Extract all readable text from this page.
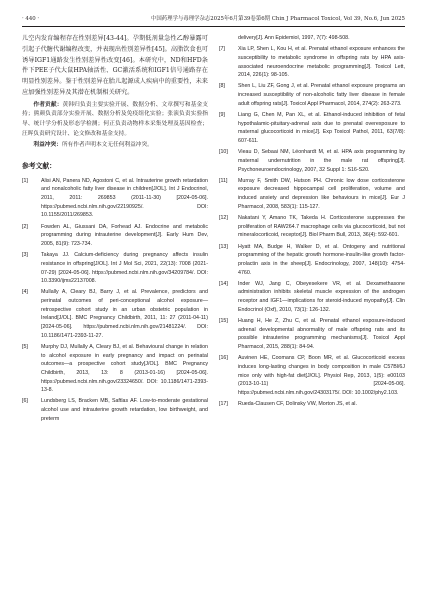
· 440 ·	中国药理学与毒理学杂志2025年6月第39卷第6期 Chin J Pharmacol Toxicol, Vol 39, No.6, Jun 2025

儿空内发育编程存在性别差异[43-44]。孕期低剂量急性乙醇暴露可引起子代糖代谢编程改变，并表现出性别差异性[45]。高脂饮食也可诱导IGF1通路发生性别差异性改变[46]。本研究中，ND和HFD条件下PEE子代大鼠HPA轴活性、GC激活系统和IGF1信号通路存在明显性别差异。鉴于性别差异在胎儿起源成人疾病中的重要性，未来应加强性别差异及其潜在机制相关研究。

作者贡献：黄韩归负责主要实验开展、数据分析、文章撰写和基金支持；熊颜负责部分实验开展、数据分析及免疫组化实验；张演负责实验指导、统计学分析及形态学检测；何正负责动物样本采集处理及基因检查；汪晖负责研究设计、论文修改和基金支持。

利益冲突：所有作者声明本文无任何利益冲突。

参考文献：
[1] Alisi AN, Panera ND, Agostoni C, et al. Intrauterine growth retardation and nonalcoholic fatty liver disease in children[J/OL]. Int J Endocrinol, 2011, 2011: 269853 (2011-11-30) [2024-05-06]. https://pubmed.ncbi.nlm.nih.gov/22190925/. DOI: 10.1155/2011/269853.
[2] Fowden AL, Giussani DA, Forhead AJ. Endocrine and metabolic programming during intrauterine development[J]. Early Hum Dev, 2005, 81(9): 723-734.
[3] Takaya JJ. Calcium-deficiency during pregnancy affects insulin resistance in offspring[J/OL]. Int J Mol Sci, 2021, 22(13): 7008 (2021-07-29) [2024-05-06]. https://pubmed.ncbi.nlm.nih.gov/34209784/. DOI: 10.3390/ijms22137008.
[4] Mullally A, Cleary BJ, Barry J, et al. Prevalence, predictors and perinatal outcomes of peri-conceptional alcohol exposure—retrospective cohort study in an urban obstetric population in Ireland[J/OL]. BMC Pregnancy Childbirth, 2011, 11: 27 (2011-04-11) [2024-05-06]. https://pubmed.ncbi.nlm.nih.gov/21481224/. DOI: 10.1186/1471-2393-11-27.
[5] Murphy DJ, Mullally A, Cleary BJ, et al. Behavioural change in relation to alcohol exposure in early pregnancy and impact on perinatal outcomes—a prospective cohort study[J/OL]. BMC Pregnancy Childbirth, 2013, 13: 8 (2013-01-16) [2024-05-06]. https://pubmed.ncbi.nlm.nih.gov/23324650/. DOI: 10.1186/1471-2393-13-8.
[6] Lundsberg LS, Bracken MB, Saftlas AF. Low-to-moderate gestational alcohol use and intrauterine growth retardation, low birthweight, and preterm
delivery[J]. Ann Epidemiol, 1997, 7(7): 498-508.
[7] Xia LP, Shen L, Kou H, et al. Prenatal ethanol exposure enhances the susceptibility to metabolic syndrome in offspring rats by HPA axis-associated neuroendocrine metabolic programming[J]. Toxicol Lett, 2014, 226(1): 98-105.
[8] Shen L, Liu ZF, Gong J, et al. Prenatal ethanol exposure programs an increased susceptibility of non-alcoholic fatty liver disease in female adult offspring rats[J]. Toxicol Appl Pharmacol, 2014, 274(2): 263-273.
[9] Liang G, Chen M, Pan XL, et al. Ethanol-induced inhibition of fetal hypothalamic-pituitary-adrenal axis due to prenatal overexposure to maternal glucocorticoid in mice[J]. Exp Toxicol Pathol, 2011, 63(7/8): 607-611.
[10] Vieau D, Sebaai NM, Léonhardt M, et al. HPA axis programming by maternal undernutrition in the male rat offspring[J]. Psychoneuroendocrinology, 2007, 32 Suppl 1: S16-S20.
[11] Murray F, Smith DW, Hutson PH. Chronic low dose corticosterone exposure decreased hippocampal cell proliferation, volume and induced anxiety and depression like behaviours in mice[J]. Eur J Pharmacol, 2008, 583(1): 115-127.
[12] Nakatani Y, Amano TK, Takeda H. Corticosterone suppresses the proliferation of RAW264.7 macrophage cells via glucocorticoid, but not mineralocorticoid, receptor[J]. Biol Pharm Bull, 2013, 36(4): 592-601.
[13] Hyatt MA, Budge H, Walker D, et al. Ontogeny and nutritional programming of the hepatic growth hormone-insulin-like growth factor-prolactin axis in the sheep[J]. Endocrinology, 2007, 148(10): 4754-4760.
[14] Inder WJ, Jang C, Obeyesekere VR, et al. Dexamethasone administration inhibits skeletal muscle expression of the androgen receptor and IGF1—implications for steroid-induced myopathy[J]. Clin Endocrinol (Oxf), 2010, 73(1): 126-132.
[15] Huang H, He Z, Zhu C, et al. Prenatal ethanol exposure-induced adrenal developmental abnormality of male offspring rats and its possible intrauterine programming mechanisms[J]. Toxicol Appl Pharmacol, 2015, 288(1): 84-94.
[16] Auvinen HE, Coomans CP, Boon MR, et al. Glucocorticoid excess induces long-lasting changes in body composition in male C57Bl/6J mice only with high-fat diet[J/OL]. Physiol Rep, 2013, 1(5): e00103 (2013-10-11) [2024-05-06]. https://pubmed.ncbi.nlm.nih.gov/24303175/. DOI: 10.1002/phy2.103.
[17] Rueda-Clausen CF, Dolinsky VW, Morton JS, et al.
